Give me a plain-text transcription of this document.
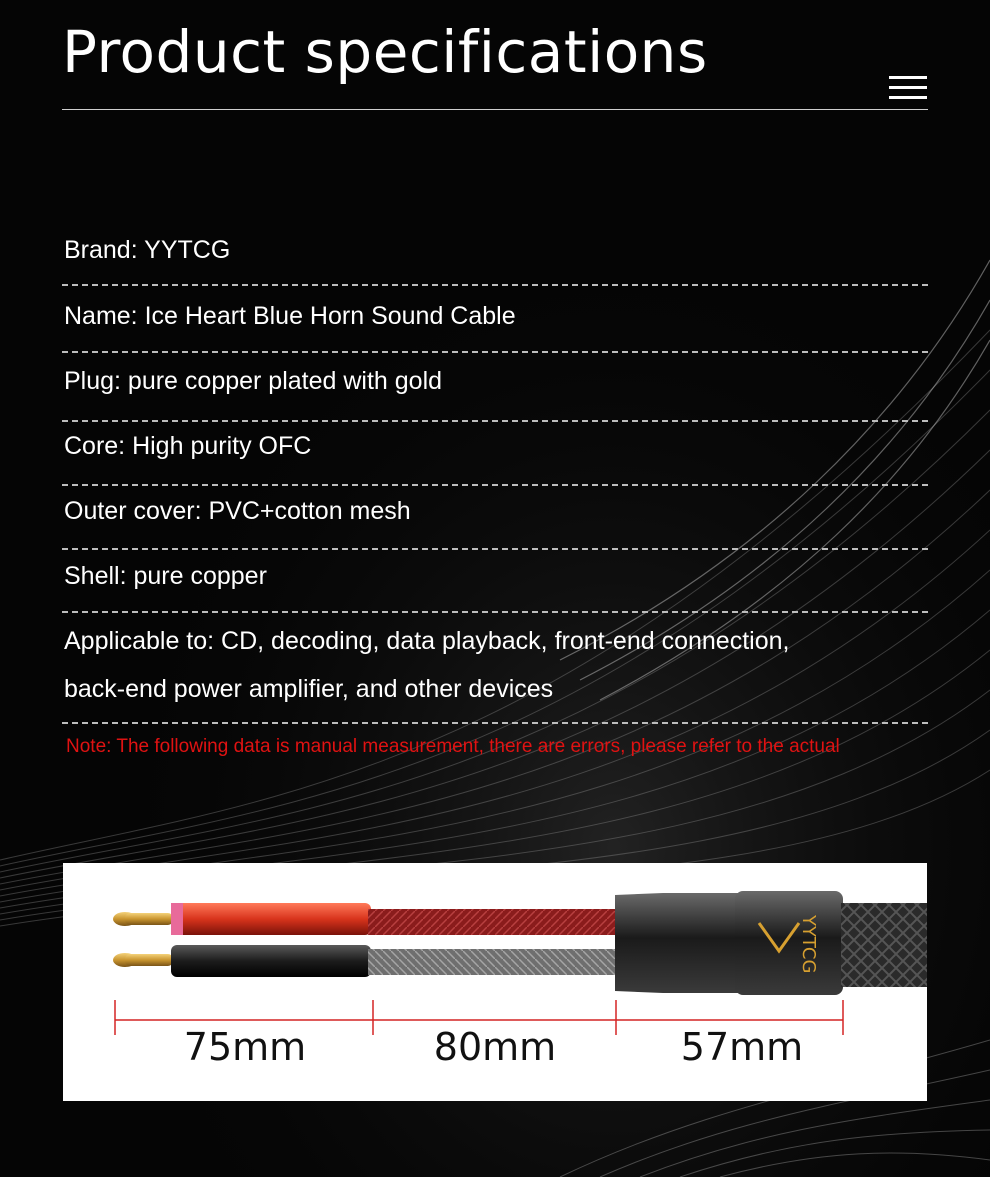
Product specifications
Brand: YYTCG
Name: Ice Heart Blue Horn Sound Cable
Plug: pure copper plated with gold
Core: High purity OFC
Outer cover: PVC+cotton mesh
Shell: pure copper
Applicable to: CD, decoding, data playback, front-end connection,
back-end power amplifier, and other devices
Note: The following data is manual measurement, there are errors, please refer to the actual
YYTCG
75mm	80mm	57mm
